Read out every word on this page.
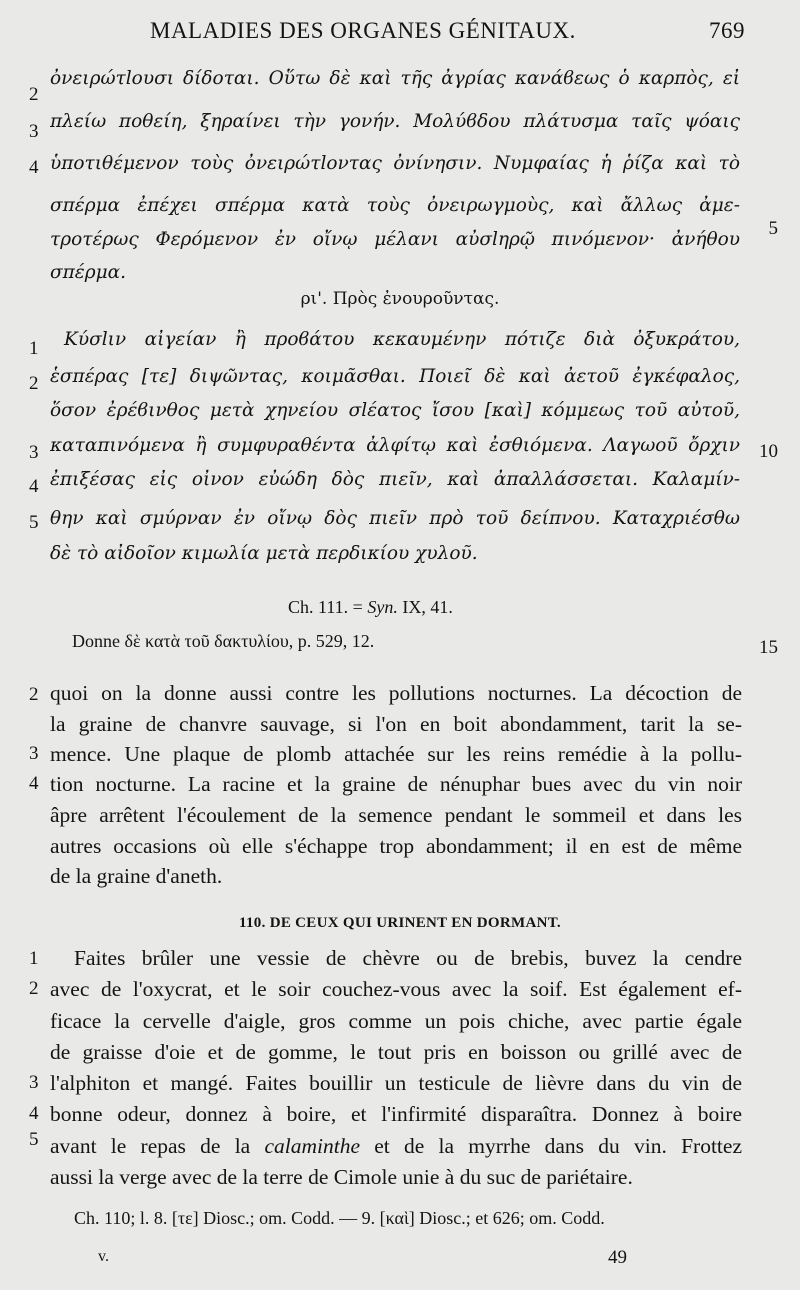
MALADIES DES ORGANES GÉNITAUX.	769
ὀνειρώτlουσι δίδοται. Οὕτω δὲ καὶ τῆς ἀγρίας κανάϐεως ὁ καρπὸς, εἰ
πλείω ποθείη, ξηραίνει τὴν γονήν. Μολύϐδου πλάτυσμα ταῖς ψόαις
ὑποτιθέμενον τοὺς ὀνειρώτlοντας ὀνίνησιν. Νυμφαίας ἡ ῥίζα καὶ τὸ
σπέρμα ἐπέχει σπέρμα κατὰ τοὺς ὀνειρωγμοὺς, καὶ ἄλλως ἀμε-
τροτέρως Φερόμενον ἐν οἴνῳ μέλανι αὐσlηρῷ πινόμενον· ἀνήθου
σπέρμα.
2
3
4
5
ρι'. Πρὸς ἐνουροῦντας.
Κύσlιν αἰγείαν ἢ προϐάτου κεκαυμένην πότιζε διὰ ὀξυκράτου,
ἑσπέρας [τε] διψῶντας, κοιμᾶσθαι. Ποιεῖ δὲ καὶ ἀετοῦ ἐγκέφαλος,
ὅσον ἐρέϐινθος μετὰ χηνείου σlέατος ἴσου [καὶ] κόμμεως τοῦ αὐτοῦ,
καταπινόμενα ἢ συμφυραθέντα ἀλφίτῳ καὶ ἐσθιόμενα. Λαγωοῦ ὄρχιν
ἐπιξέσας εἰς οἶνον εὐώδη δὸς πιεῖν, καὶ ἀπαλλάσσεται. Καλαμίν-
θην καὶ σμύρναν ἐν οἴνῳ δὸς πιεῖν πρὸ τοῦ δείπνου. Καταχριέσθω
δὲ τὸ αἰδοῖον κιμωλία μετὰ περδικίου χυλοῦ.
1
2
3
4
5
10
Ch. 111. = Syn. IX, 41.
Donne δὲ κατὰ τοῦ δακτυλίου, p. 529, 12.	15
quoi on la donne aussi contre les pollutions nocturnes. La décoction de
la graine de chanvre sauvage, si l'on en boit abondamment, tarit la se-
mence. Une plaque de plomb attachée sur les reins remédie à la pollu-
tion nocturne. La racine et la graine de nénuphar bues avec du vin noir
âpre arrêtent l'écoulement de la semence pendant le sommeil et dans les
autres occasions où elle s'échappe trop abondamment; il en est de même
de la graine d'aneth.
2
3
4
110. DE CEUX QUI URINENT EN DORMANT.
Faites brûler une vessie de chèvre ou de brebis, buvez la cendre
avec de l'oxycrat, et le soir couchez-vous avec la soif. Est également ef-
ficace la cervelle d'aigle, gros comme un pois chiche, avec partie égale
de graisse d'oie et de gomme, le tout pris en boisson ou grillé avec de
l'alphiton et mangé. Faites bouillir un testicule de lièvre dans du vin de
bonne odeur, donnez à boire, et l'infirmité disparaîtra. Donnez à boire
avant le repas de la calaminthe et de la myrrhe dans du vin. Frottez
aussi la verge avec de la terre de Cimole unie à du suc de pariétaire.
1
2
3
4
5
Ch. 110; l. 8. [τε] Diosc.; om. Codd. — 9. [καὶ] Diosc.; et 626; om. Codd.
v.	49
